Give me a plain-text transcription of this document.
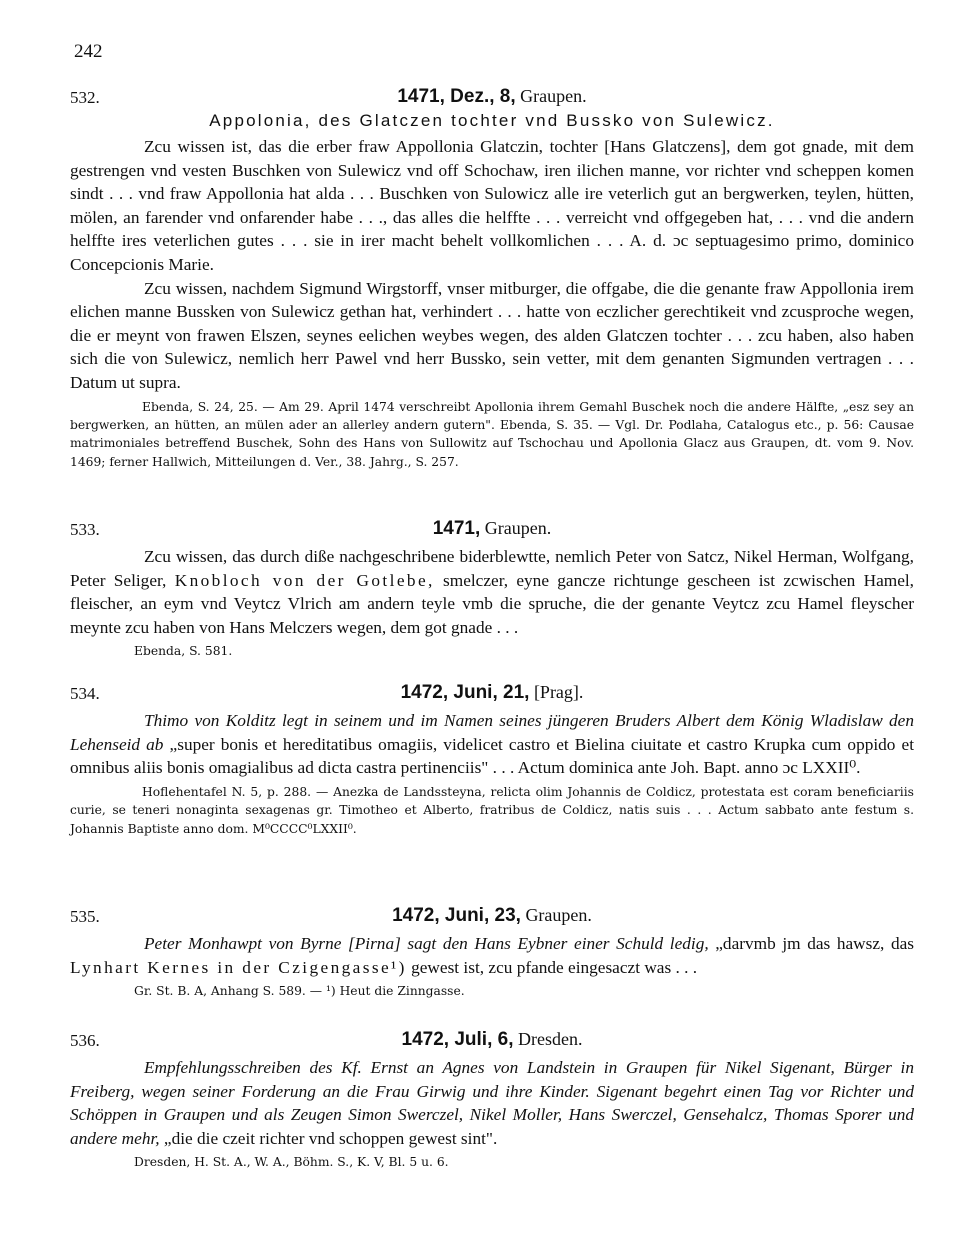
242
532.	1471, Dez., 8, Graupen.
Appolonia, des Glatczen tochter vnd Bussko von Sulewicz.

Zcu wissen ist, das die erber fraw Appollonia Glatczin, tochter [Hans Glatczens], dem got gnade, mit dem gestrengen vnd vesten Buschken von Sulewicz vnd off Schochaw, iren ilichen manne, vor richter vnd scheppen komen sindt . . . vnd fraw Appollonia hat alda . . . Buschken von Sulowicz alle ire veterlich gut an bergwerken, teylen, hütten, mölen, an farender vnd onfarender habe . . ., das alles die helffte . . . verreicht vnd offgegeben hat, . . . vnd die andern helffte ires veterlichen gutes . . . sie in irer macht behelt vollkomlichen . . . A. d. ɔc septuagesimo primo, dominico Concepcionis Marie.

Zcu wissen, nachdem Sigmund Wirgstorff, vnser mitburger, die offgabe, die die genante fraw Appollonia irem elichen manne Bussken von Sulewicz gethan hat, verhindert . . . hatte von eczlicher gerechtikeit vnd zcusproche wegen, die er meynt von frawen Elszen, seynes eelichen weybes wegen, des alden Glatczen tochter . . . zcu haben, also haben sich die von Sulewicz, nemlich herr Pawel vnd herr Bussko, sein vetter, mit dem genanten Sigmunden vertragen . . . Datum ut supra.

Ebenda, S. 24, 25. — Am 29. April 1474 verschreibt Apollonia ihrem Gemahl Buschek noch die andere Hälfte, „esz sey an bergwerken, an hütten, an mülen ader an allerley andern gutern". Ebenda, S. 35. — Vgl. Dr. Podlaha, Catalogus etc., p. 56: Causae matrimoniales betreffend Buschek, Sohn des Hans von Sullowitz auf Tschochau und Apollonia Glacz aus Graupen, dt. vom 9. Nov. 1469; ferner Hallwich, Mitteilungen d. Ver., 38. Jahrg., S. 257.

533.	1471, Graupen.

Zcu wissen, das durch diße nachgeschribene biderblewtte, nemlich Peter von Satcz, Nikel Herman, Wolfgang, Peter Seliger, Knobloch von der Gotlebe, smelczer, eyne gancze richtunge gescheen ist zcwischen Hamel, fleischer, an eym vnd Veytcz Vlrich am andern teyle vmb die spruche, die der genante Veytcz zcu Hamel fleyscher meynte zcu haben von Hans Melczers wegen, dem got gnade . . .

Ebenda, S. 581.

534.	1472, Juni, 21, [Prag].

Thimo von Kolditz legt in seinem und im Namen seines jüngeren Bruders Albert dem König Wladislaw den Lehenseid ab „super bonis et hereditatibus omagiis, videlicet castro et Bielina ciuitate et castro Krupka cum oppido et omnibus aliis bonis omagialibus ad dicta castra pertinenciis" . . . Actum dominica ante Joh. Bapt. anno ɔc LXXII⁰.

Hoflehentafel N. 5, p. 288. — Anezka de Landssteyna, relicta olim Johannis de Coldicz, protestata est coram beneficiariis curie, se teneri nonaginta sexagenas gr. Timotheo et Alberto, fratribus de Coldicz, natis suis . . . Actum sabbato ante festum s. Johannis Baptiste anno dom. M⁰CCCC⁰LXXII⁰.

535.	1472, Juni, 23, Graupen.

Peter Monhawpt von Byrne [Pirna] sagt den Hans Eybner einer Schuld ledig, „darvmb jm das hawsz, das Lynhart Kernes in der Czigengasse¹) gewest ist, zcu pfande eingesaczt was . . .

Gr. St. B. A, Anhang S. 589. — ¹) Heut die Zinngasse.

536.	1472, Juli, 6, Dresden.

Empfehlungsschreiben des Kf. Ernst an Agnes von Landstein in Graupen für Nikel Sigenant, Bürger in Freiberg, wegen seiner Forderung an die Frau Girwig und ihre Kinder. Sigenant begehrt einen Tag vor Richter und Schöppen in Graupen und als Zeugen Simon Swerczel, Nikel Moller, Hans Swerczel, Gensehalcz, Thomas Sporer und andere mehr, „die die czeit richter vnd schoppen gewest sint".

Dresden, H. St. A., W. A., Böhm. S., K. V, Bl. 5 u. 6.
